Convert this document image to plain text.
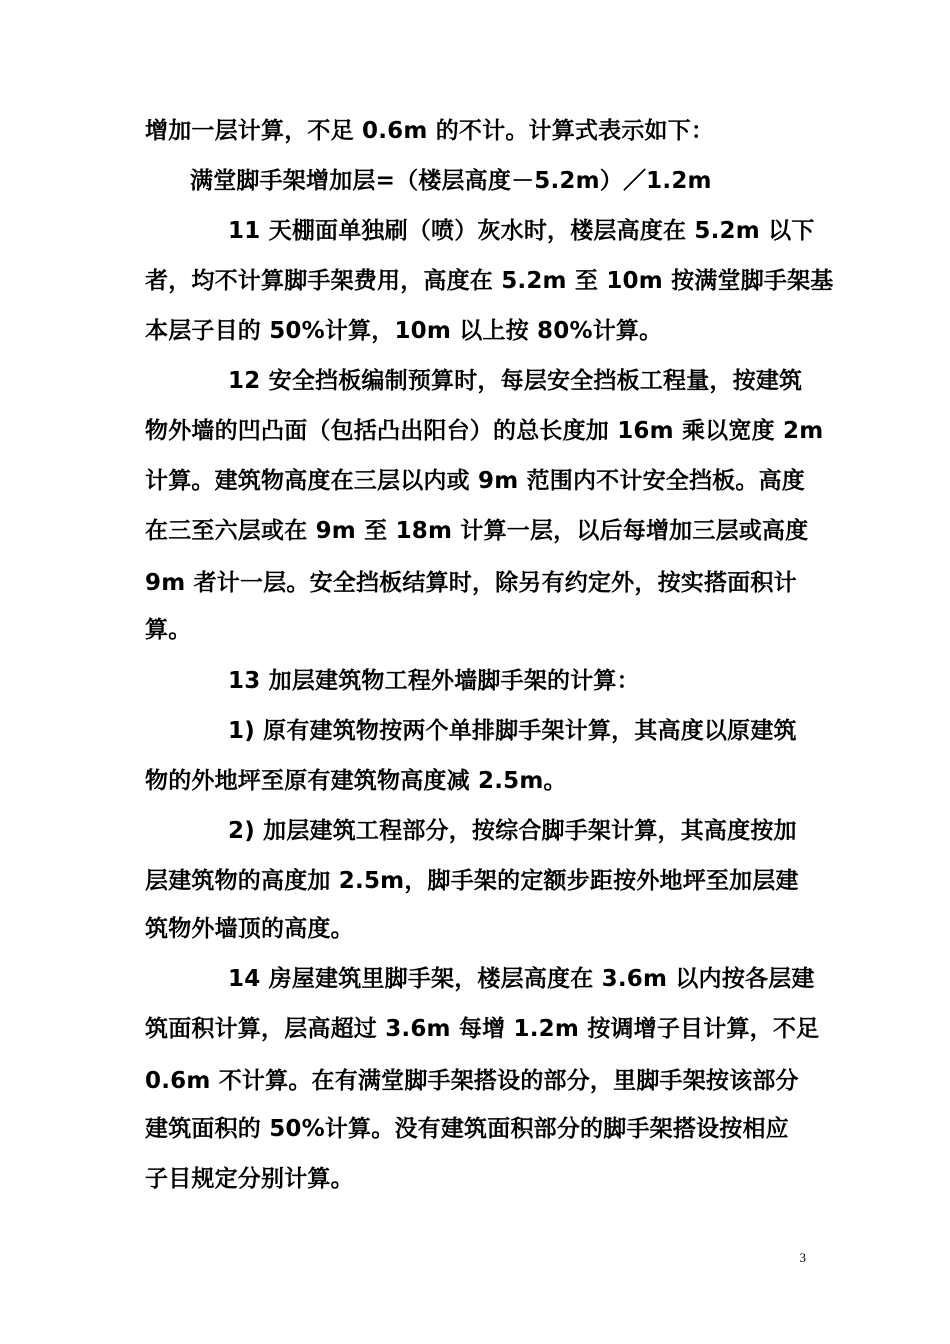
增加一层计算，不足 0.6m 的不计。计算式表示如下：
满堂脚手架增加层=（楼层高度－5.2m）／1.2m
11 天棚面单独刷（喷）灰水时，楼层高度在 5.2m 以下
者，均不计算脚手架费用，高度在 5.2m 至 10m 按满堂脚手架基
本层子目的 50%计算，10m 以上按 80%计算。
12 安全挡板编制预算时，每层安全挡板工程量，按建筑
物外墙的凹凸面（包括凸出阳台）的总长度加 16m 乘以宽度 2m
计算。建筑物高度在三层以内或 9m 范围内不计安全挡板。高度
在三至六层或在 9m 至 18m 计算一层，以后每增加三层或高度
9m 者计一层。安全挡板结算时，除另有约定外，按实搭面积计
算。
13 加层建筑物工程外墙脚手架的计算：
1) 原有建筑物按两个单排脚手架计算，其高度以原建筑
物的外地坪至原有建筑物高度减 2.5m。
2) 加层建筑工程部分，按综合脚手架计算，其高度按加
层建筑物的高度加 2.5m，脚手架的定额步距按外地坪至加层建
筑物外墙顶的高度。
14 房屋建筑里脚手架，楼层高度在 3.6m 以内按各层建
筑面积计算，层高超过 3.6m 每增 1.2m 按调增子目计算，不足
0.6m 不计算。在有满堂脚手架搭设的部分，里脚手架按该部分
建筑面积的 50%计算。没有建筑面积部分的脚手架搭设按相应
子目规定分别计算。
3
